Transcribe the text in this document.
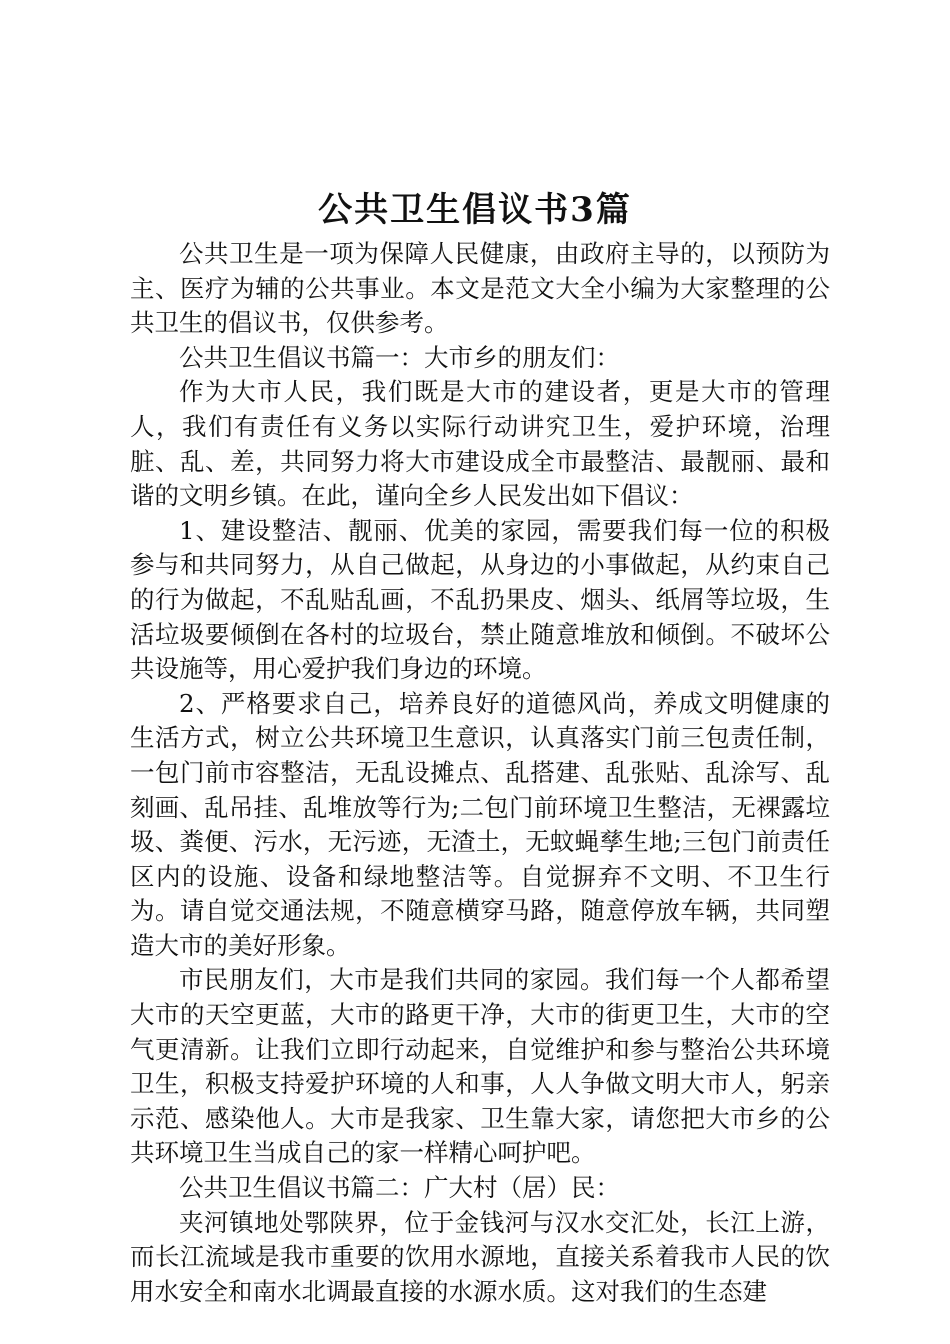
公共卫生倡议书3篇

公共卫生是一项为保障人民健康，由政府主导的，以预防为主、医疗为辅的公共事业。本文是范文大全小编为大家整理的公共卫生的倡议书，仅供参考。

公共卫生倡议书篇一：大市乡的朋友们：

作为大市人民，我们既是大市的建设者，更是大市的管理人，我们有责任有义务以实际行动讲究卫生，爱护环境，治理脏、乱、差，共同努力将大市建设成全市最整洁、最靓丽、最和谐的文明乡镇。在此，谨向全乡人民发出如下倡议：

1、建设整洁、靓丽、优美的家园，需要我们每一位的积极参与和共同努力，从自己做起，从身边的小事做起，从约束自己的行为做起，不乱贴乱画，不乱扔果皮、烟头、纸屑等垃圾，生活垃圾要倾倒在各村的垃圾台，禁止随意堆放和倾倒。不破坏公共设施等，用心爱护我们身边的环境。

2、严格要求自己，培养良好的道德风尚，养成文明健康的生活方式，树立公共环境卫生意识，认真落实门前三包责任制，一包门前市容整洁，无乱设摊点、乱搭建、乱张贴、乱涂写、乱刻画、乱吊挂、乱堆放等行为;二包门前环境卫生整洁，无裸露垃圾、粪便、污水，无污迹，无渣土，无蚊蝇孳生地;三包门前责任区内的设施、设备和绿地整洁等。自觉摒弃不文明、不卫生行为。请自觉交通法规，不随意横穿马路，随意停放车辆，共同塑造大市的美好形象。

市民朋友们，大市是我们共同的家园。我们每一个人都希望大市的天空更蓝，大市的路更干净，大市的街更卫生，大市的空气更清新。让我们立即行动起来，自觉维护和参与整治公共环境卫生，积极支持爱护环境的人和事，人人争做文明大市人，躬亲示范、感染他人。大市是我家、卫生靠大家，请您把大市乡的公共环境卫生当成自己的家一样精心呵护吧。

公共卫生倡议书篇二：广大村（居）民：

夹河镇地处鄂陕界，位于金钱河与汉水交汇处，长江上游，而长江流域是我市重要的饮用水源地，直接关系着我市人民的饮用水安全和南水北调最直接的水源水质。这对我们的生态建
